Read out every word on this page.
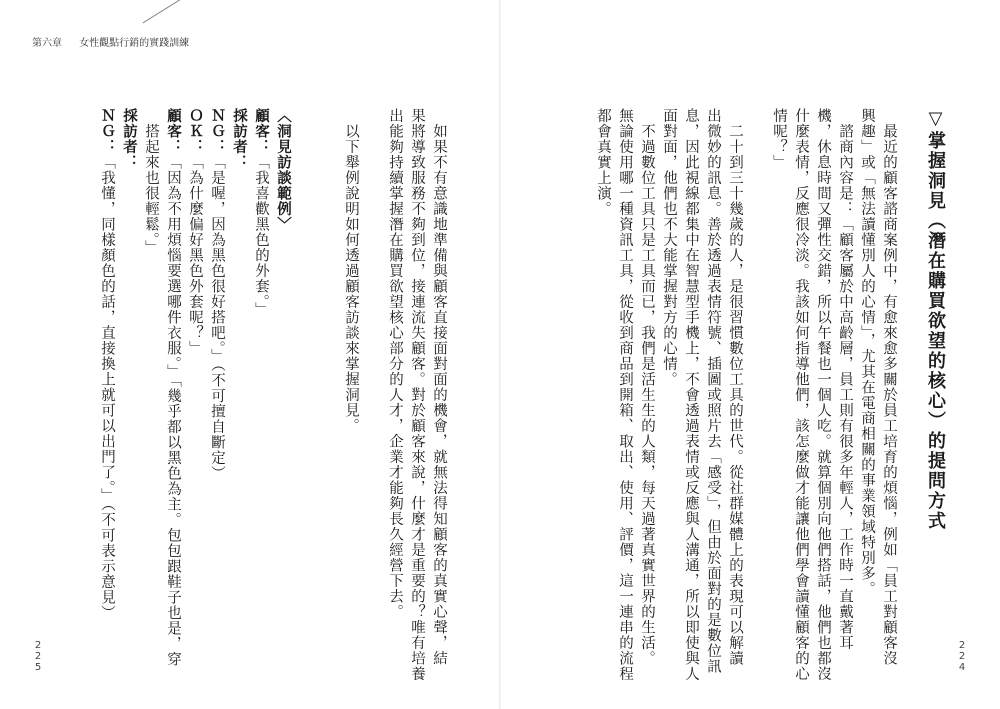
第六章 女性觀點行銷的實踐訓練
▽掌握洞見（潛在購買欲望的核心）的提問方式
　最近的顧客諮商案例中，有愈來愈多關於員工培育的煩惱，例如「員工對顧客沒
興趣」或「無法讀懂別人的心情」，尤其在電商相關的事業領域特別多。
　諮商內容是：「顧客屬於中高齡層，員工則有很多年輕人，工作時一直戴著耳
機，休息時間又彈性交錯，所以午餐也一個人吃。就算個別向他們搭話，他們也都沒
什麼表情，反應很冷淡。我該如何指導他們，該怎麼做才能讓他們學會讀懂顧客的心
情呢？」

　二十到三十幾歲的人，是很習慣數位工具的世代。從社群媒體上的表現可以解讀
出微妙的訊息。善於透過表情符號、插圖或照片去「感受」，但由於面對的是數位訊
息，因此視線都集中在智慧型手機上，不會透過表情或反應與人溝通，所以即使與人
面對面，他們也不大能掌握對方的心情。
　不過數位工具只是工具而已，我們是活生生的人類，每天過著真實世界的生活。
無論使用哪一種資訊工具，從收到商品到開箱、取出、使用、評價，這一連串的流程
都會真實上演。
　如果不有意識地準備與顧客直接面對面的機會，就無法得知顧客的真實心聲，結
果將導致服務不夠到位，接連流失顧客。對於顧客來說，什麼才是重要的？唯有培養
出能夠持續掌握潛在購買欲望核心部分的人才，企業才能夠長久經營下去。

　以下舉例說明如何透過顧客訪談來掌握洞見。

〈洞見訪談範例〉
顧客：「我喜歡黑色的外套。」
採訪者：
ＮＧ：「是喔，因為黑色很好搭吧。」（不可擅自斷定）
ＯＫ：「為什麼偏好黑色外套呢？」
顧客：「因為不用煩惱要選哪件衣服。」「幾乎都以黑色為主。包包跟鞋子也是，穿
　搭起來也很輕鬆。」
採訪者：
ＮＧ：「我懂，同樣顏色的話，直接換上就可以出門了。」（不可表示意見）
225
224
